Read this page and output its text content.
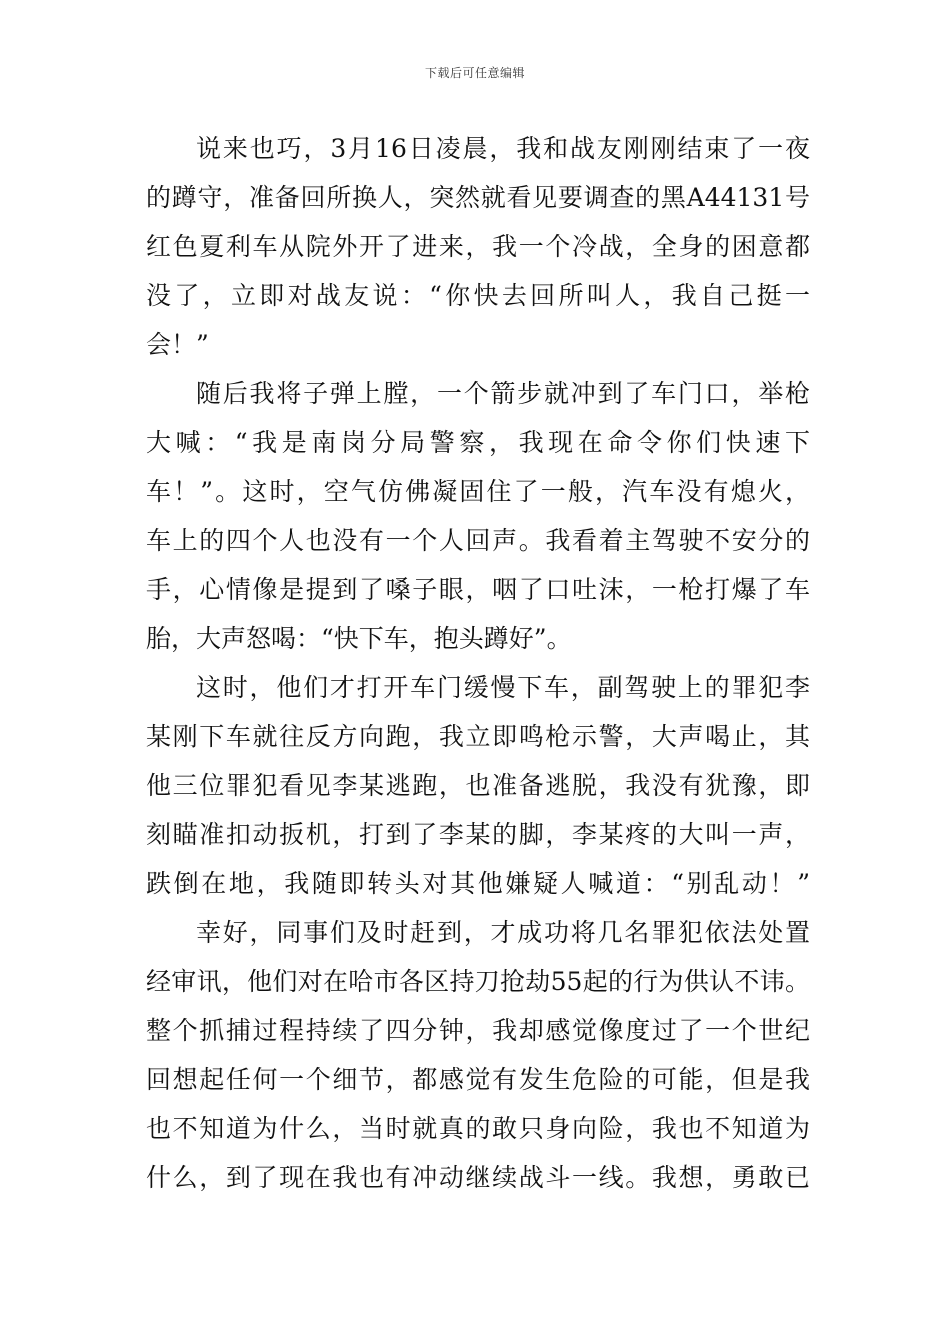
下载后可任意编辑
说来也巧，3月16日凌晨，我和战友刚刚结束了一夜
的蹲守，准备回所换人，突然就看见要调查的黑A44131号
红色夏利车从院外开了进来，我一个冷战，全身的困意都
没了，立即对战友说：“你快去回所叫人，我自己挺一
会！”
随后我将子弹上膛，一个箭步就冲到了车门口，举枪
大喊：“我是南岗分局警察，我现在命令你们快速下
车！”。这时，空气仿佛凝固住了一般，汽车没有熄火，
车上的四个人也没有一个人回声。我看着主驾驶不安分的
手，心情像是提到了嗓子眼，咽了口吐沫，一枪打爆了车
胎，大声怒喝：“快下车，抱头蹲好”。
这时，他们才打开车门缓慢下车，副驾驶上的罪犯李
某刚下车就往反方向跑，我立即鸣枪示警，大声喝止，其
他三位罪犯看见李某逃跑，也准备逃脱，我没有犹豫，即
刻瞄准扣动扳机，打到了李某的脚，李某疼的大叫一声，
跌倒在地，我随即转头对其他嫌疑人喊道：“别乱动！”
幸好，同事们及时赶到，才成功将几名罪犯依法处置
经审讯，他们对在哈市各区持刀抢劫55起的行为供认不讳。
整个抓捕过程持续了四分钟，我却感觉像度过了一个世纪
回想起任何一个细节，都感觉有发生危险的可能，但是我
也不知道为什么，当时就真的敢只身向险，我也不知道为
什么，到了现在我也有冲动继续战斗一线。我想，勇敢已
